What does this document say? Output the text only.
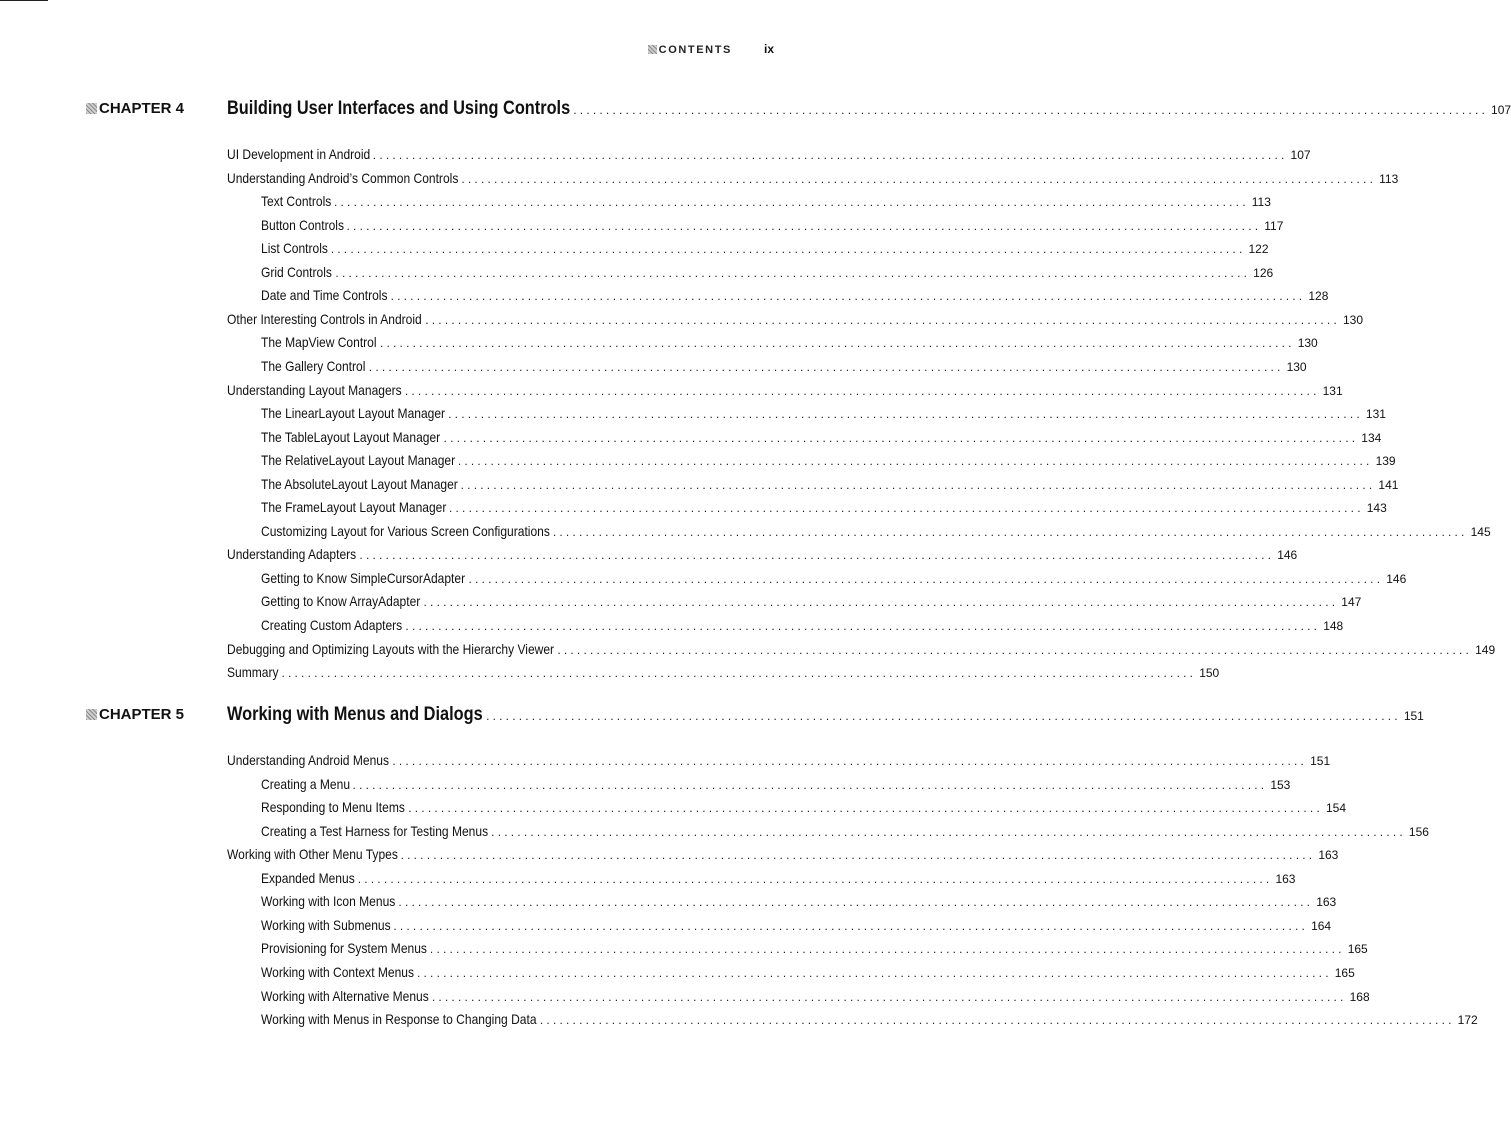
CONTENTS	ix
CHAPTER 4 Building User Interfaces and Using Controls ............................................................................................................................................ 107
UI Development in Android ............................................................................................................................................ 107
Understanding Android’s Common Controls ............................................................................................................................................ 113
Text Controls ............................................................................................................................................ 113
Button Controls ............................................................................................................................................ 117
List Controls ............................................................................................................................................ 122
Grid Controls ............................................................................................................................................ 126
Date and Time Controls ............................................................................................................................................ 128
Other Interesting Controls in Android ............................................................................................................................................ 130
The MapView Control ............................................................................................................................................ 130
The Gallery Control ............................................................................................................................................ 130
Understanding Layout Managers ............................................................................................................................................ 131
The LinearLayout Layout Manager ............................................................................................................................................ 131
The TableLayout Layout Manager ............................................................................................................................................ 134
The RelativeLayout Layout Manager ............................................................................................................................................ 139
The AbsoluteLayout Layout Manager ............................................................................................................................................ 141
The FrameLayout Layout Manager ............................................................................................................................................ 143
Customizing Layout for Various Screen Configurations ............................................................................................................................................ 145
Understanding Adapters ............................................................................................................................................ 146
Getting to Know SimpleCursorAdapter ............................................................................................................................................ 146
Getting to Know ArrayAdapter ............................................................................................................................................ 147
Creating Custom Adapters ............................................................................................................................................ 148
Debugging and Optimizing Layouts with the Hierarchy Viewer ............................................................................................................................................ 149
Summary ............................................................................................................................................ 150
CHAPTER 5 Working with Menus and Dialogs ............................................................................................................................................ 151
Understanding Android Menus ............................................................................................................................................ 151
Creating a Menu ............................................................................................................................................ 153
Responding to Menu Items ............................................................................................................................................ 154
Creating a Test Harness for Testing Menus ............................................................................................................................................ 156
Working with Other Menu Types ............................................................................................................................................ 163
Expanded Menus ............................................................................................................................................ 163
Working with Icon Menus ............................................................................................................................................ 163
Working with Submenus ............................................................................................................................................ 164
Provisioning for System Menus ............................................................................................................................................ 165
Working with Context Menus ............................................................................................................................................ 165
Working with Alternative Menus ............................................................................................................................................ 168
Working with Menus in Response to Changing Data ............................................................................................................................................ 172
